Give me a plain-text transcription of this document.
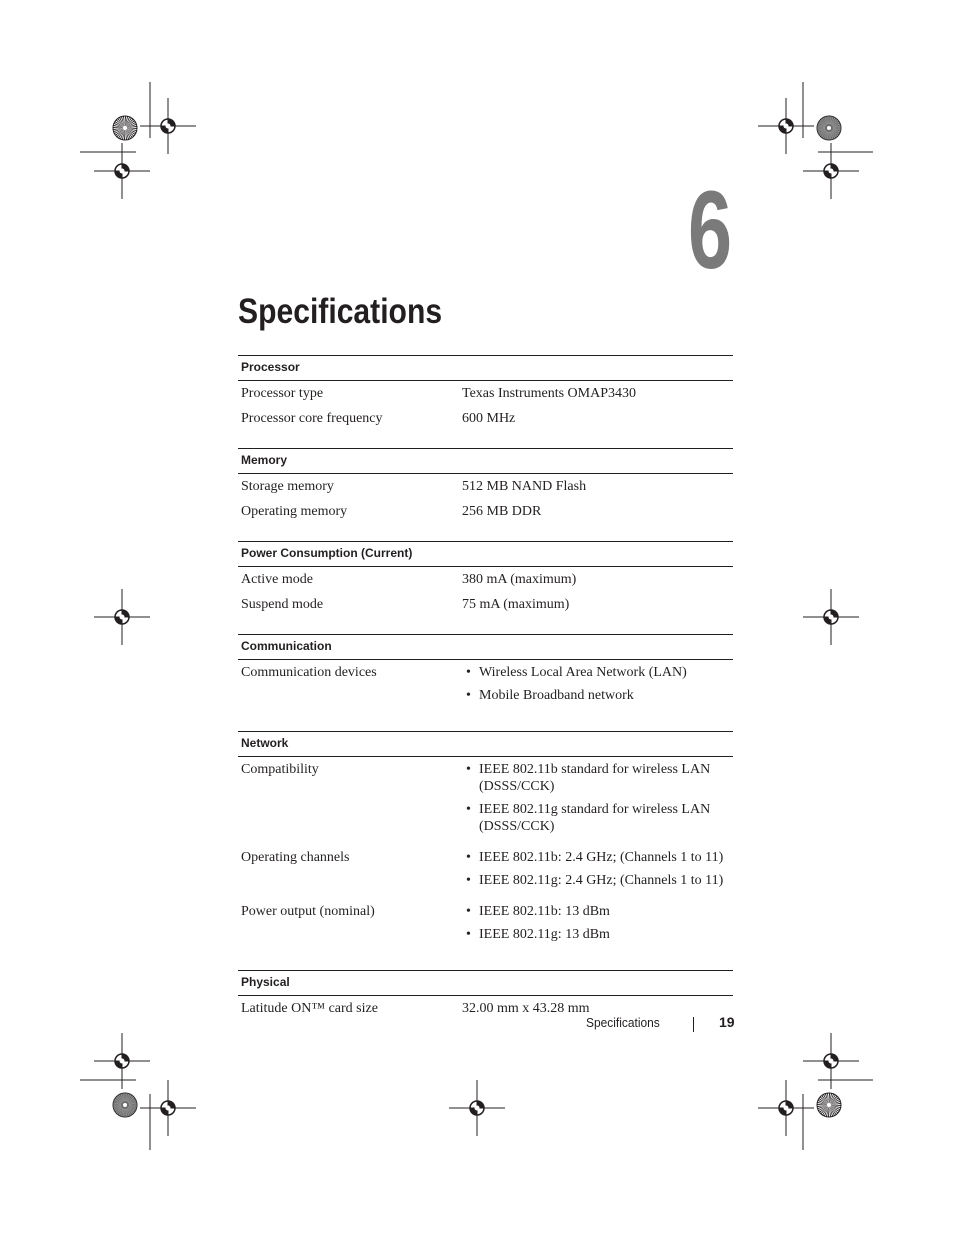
6
Specifications
Processor
Processor type	Texas Instruments OMAP3430
Processor core frequency	600 MHz
Memory
Storage memory	512 MB NAND Flash
Operating memory	256 MB DDR
Power Consumption (Current)
Active mode	380 mA (maximum)
Suspend mode	75 mA (maximum)
Communication
Communication devices	• Wireless Local Area Network (LAN)
• Mobile Broadband network
Network
Compatibility	• IEEE 802.11b standard for wireless LAN (DSSS/CCK)
• IEEE 802.11g standard for wireless LAN (DSSS/CCK)
Operating channels	• IEEE 802.11b: 2.4 GHz; (Channels 1 to 11)
• IEEE 802.11g: 2.4 GHz; (Channels 1 to 11)
Power output (nominal)	• IEEE 802.11b: 13 dBm
• IEEE 802.11g: 13 dBm
Physical
Latitude ON™ card size	32.00 mm x 43.28 mm
Specifications	19
